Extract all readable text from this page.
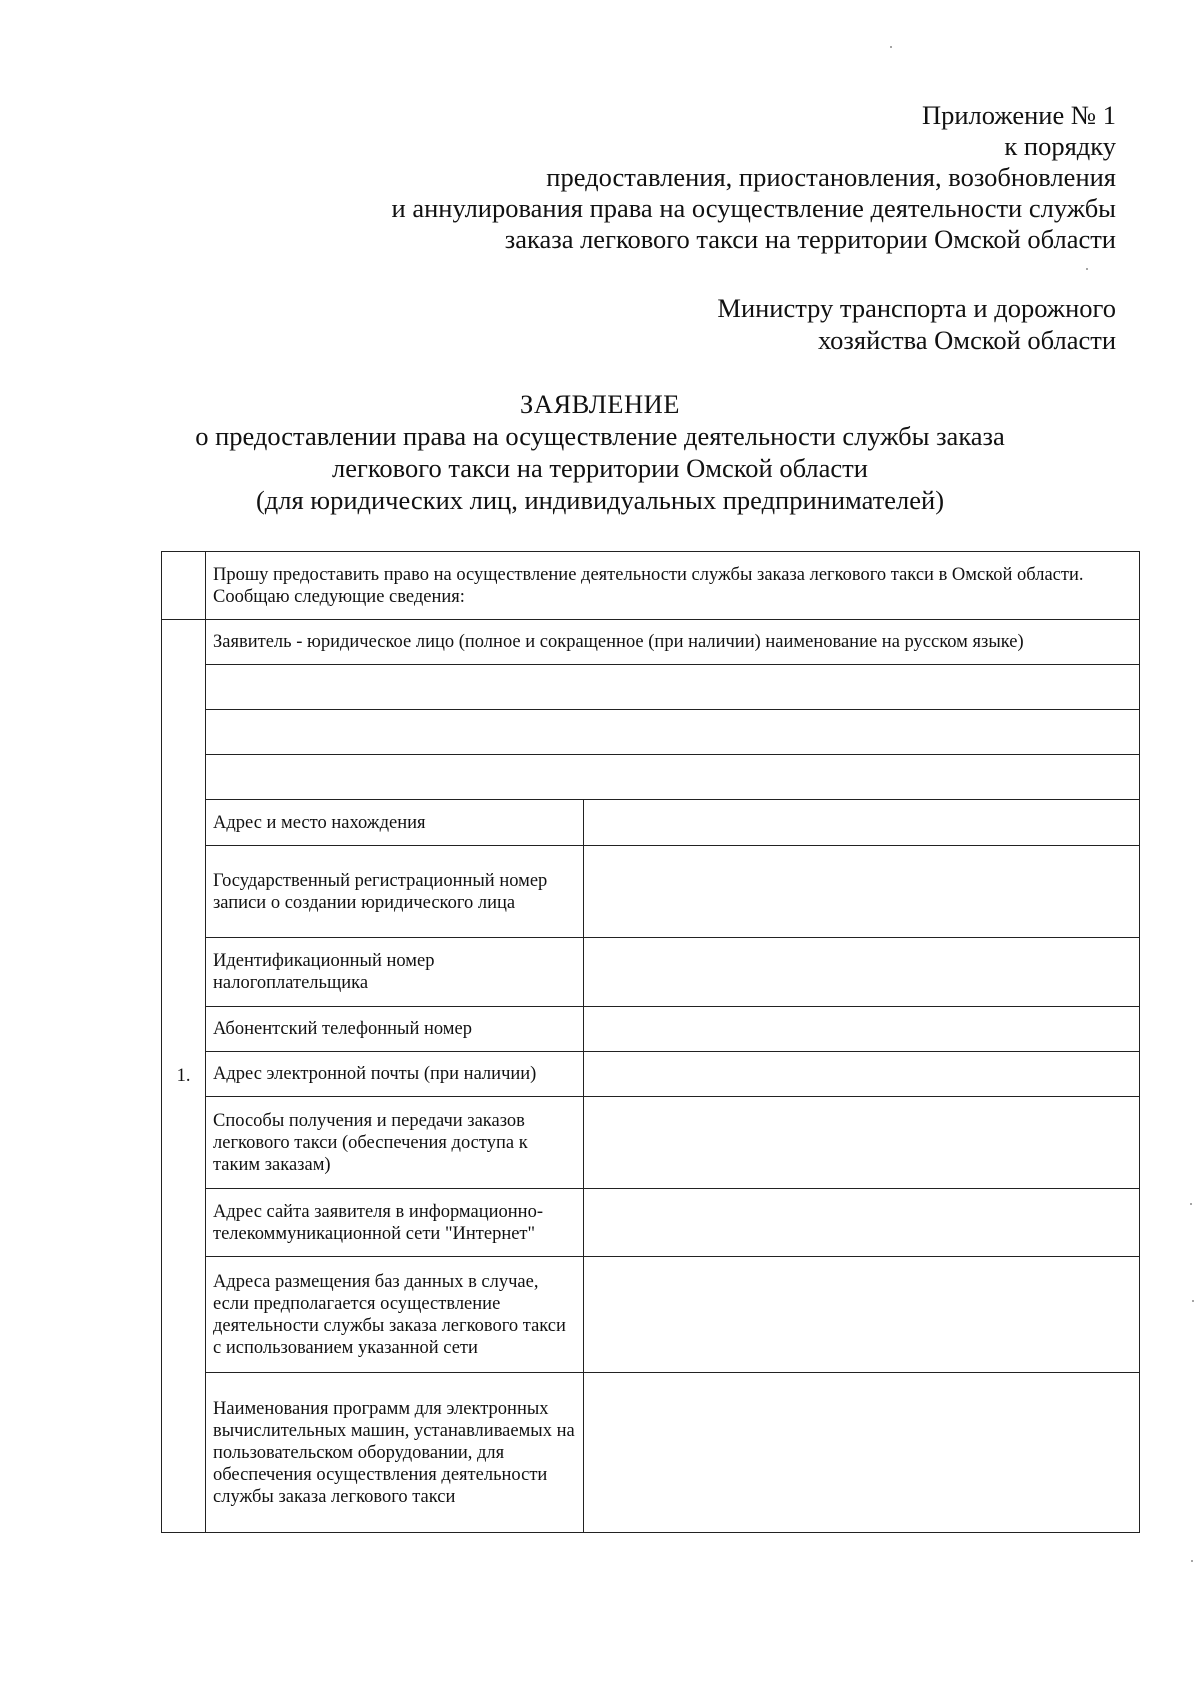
Приложение № 1
к порядку
предоставления, приостановления, возобновления
и аннулирования права на осуществление деятельности службы
заказа легкового такси на территории Омской области
Министру транспорта и дорожного
хозяйства Омской области
ЗАЯВЛЕНИЕ
о предоставлении права на осуществление деятельности службы заказа
легкового такси на территории Омской области
(для юридических лиц, индивидуальных предпринимателей)
	Прошу предоставить право на осуществление деятельности службы заказа легкового такси в Омской области. Сообщаю следующие сведения:	
1.	Заявитель - юридическое лицо (полное и сокращенное (при наличии) наименование на русском языке)	

	Адрес и место нахождения	
	Государственный регистрационный номер записи о создании юридического лица	
	Идентификационный номер налогоплательщика	
	Абонентский телефонный номер	
	Адрес электронной почты (при наличии)	
	Способы получения и передачи заказов легкового такси (обеспечения доступа к таким заказам)	
	Адрес сайта заявителя в информационно-телекоммуникационной сети "Интернет"	
	Адреса размещения баз данных в случае, если предполагается осуществление деятельности службы заказа легкового такси с использованием указанной сети	
	Наименования программ для электронных вычислительных машин, устанавливаемых на пользовательском оборудовании, для обеспечения осуществления деятельности службы заказа легкового такси	
